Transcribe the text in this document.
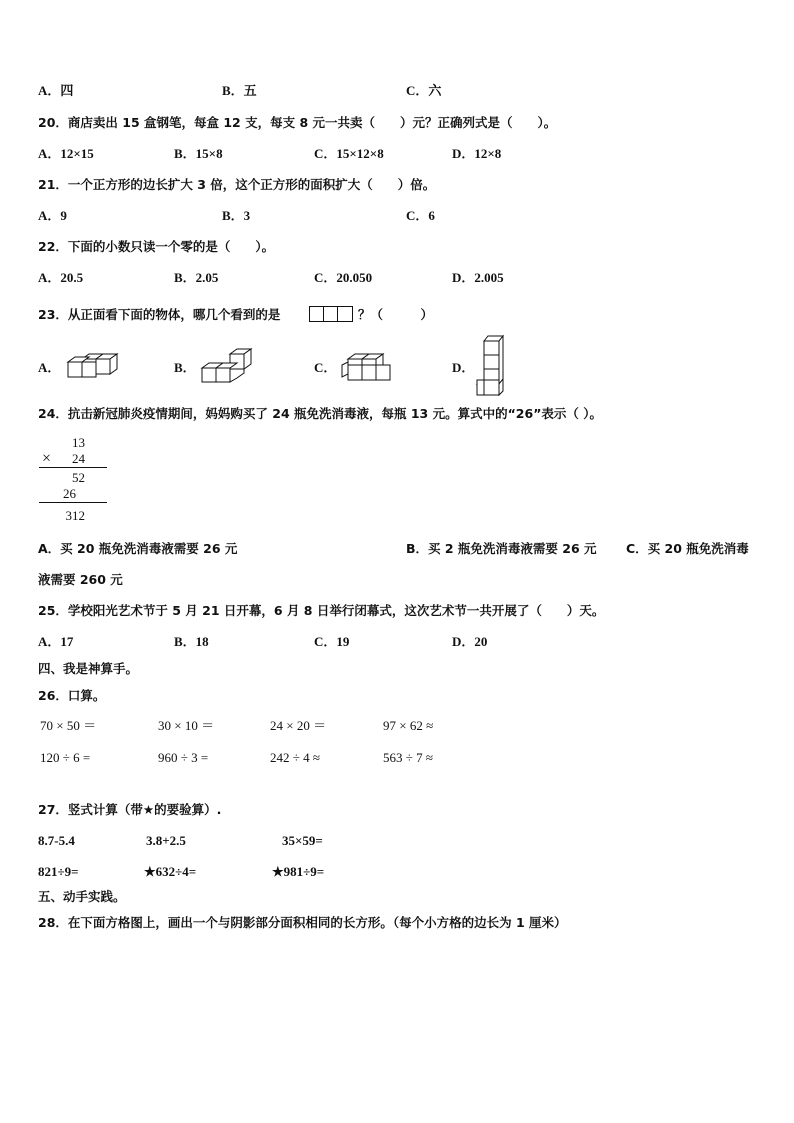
A．四	B．五	C．六
20．商店卖出 15 盒钢笔，每盒 12 支，每支 8 元一共卖（　　）元？正确列式是（　　）。
A．12×15	B．15×8	C．15×12×8	D．12×8
21．一个正方形的边长扩大 3 倍，这个正方形的面积扩大（　　）倍。
A．9	B．3	C．6
22．下面的小数只读一个零的是（　　）。
A．20.5	B．2.05	C．20.050	D．2.005
23．从正面看下面的物体，哪几个看到的是	？（　　　）
A．	B．	C．	D．
24．抗击新冠肺炎疫情期间，妈妈购买了 24 瓶免洗消毒液，每瓶 13 元。算式中的“26”表示（ ）。
13
×	24
52
26
312
A．买 20 瓶免洗消毒液需要 26 元	B．买 2 瓶免洗消毒液需要 26 元 C．买 20 瓶免洗消毒
液需要 260 元
25．学校阳光艺术节于 5 月 21 日开幕，6 月 8 日举行闭幕式，这次艺术节一共开展了（　　）天。
A．17	B．18	C．19	D．20
四、我是神算手。
26．口算。
70 × 50 ＝	30 × 10 ＝	24 × 20 ＝	97 × 62 ≈
120 ÷ 6 =	960 ÷ 3 =	242 ÷ 4 ≈	563 ÷ 7 ≈
27．竖式计算（带★的要验算）.
8.7-5.4	3.8+2.5	35×59=
821÷9=	★632÷4=	★981÷9=
五、动手实践。
28．在下面方格图上，画出一个与阴影部分面积相同的长方形。（每个小方格的边长为 1 厘米）
